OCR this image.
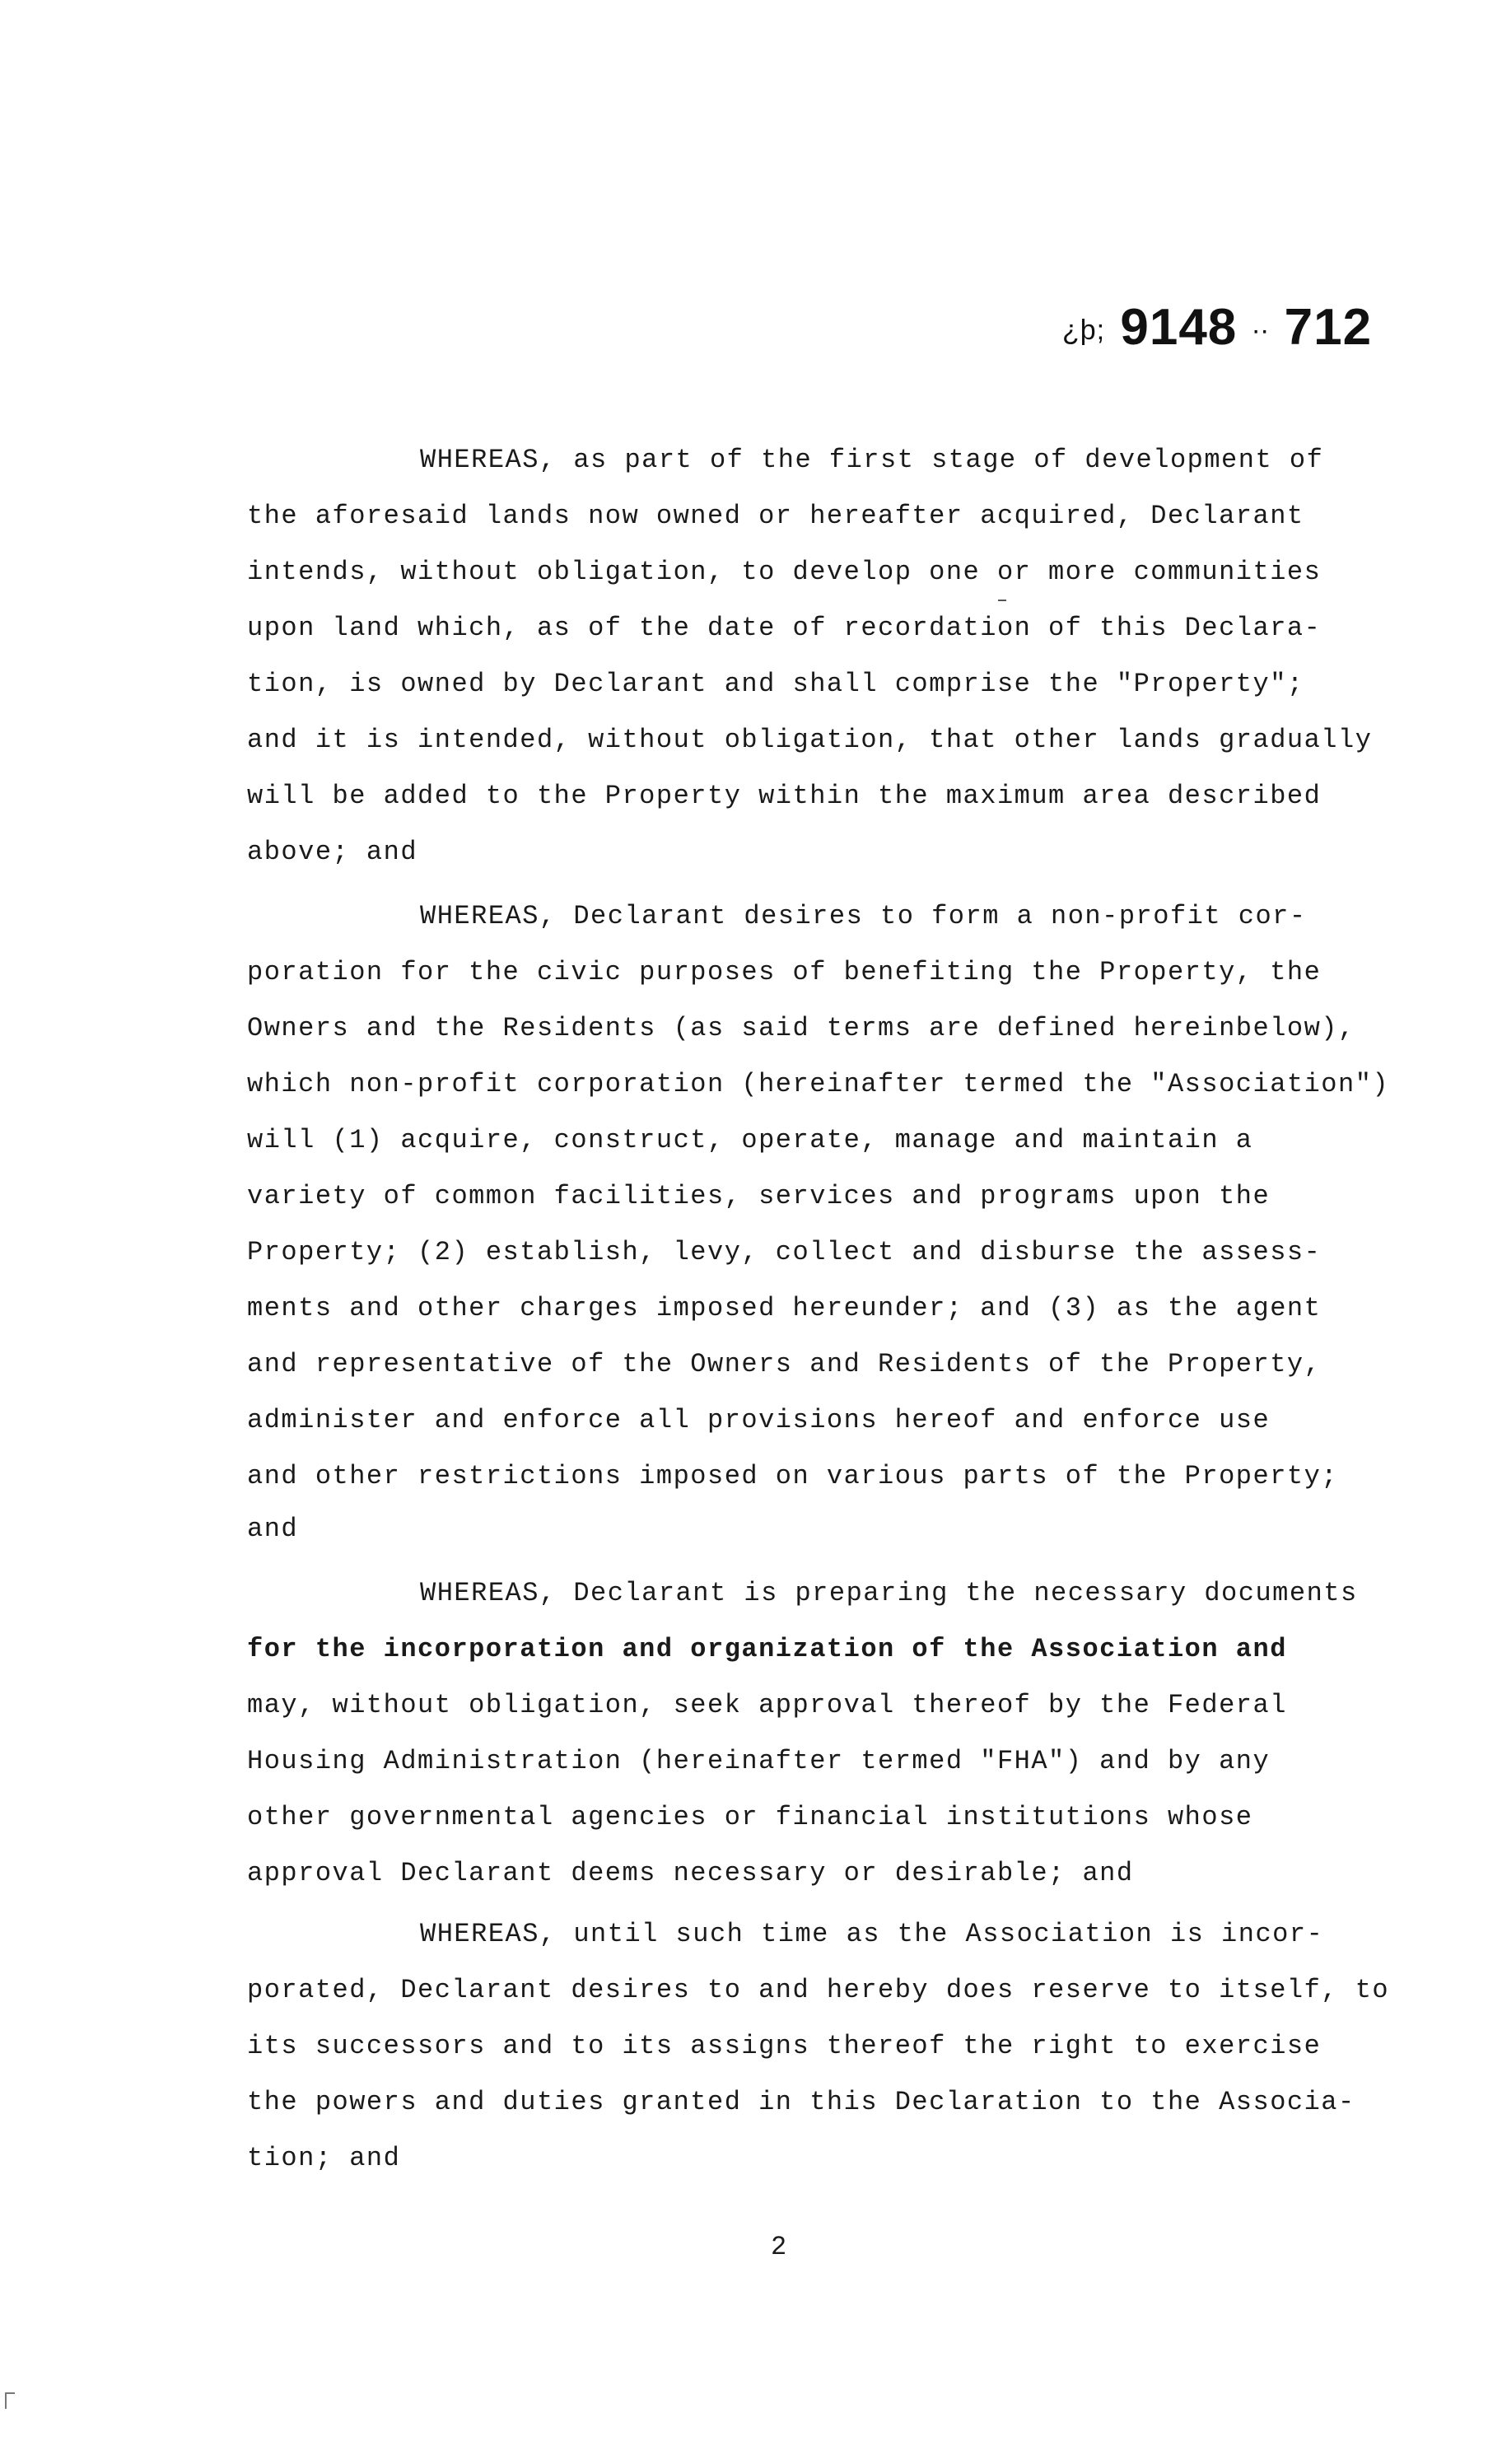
¿þ; 9148 ∙∙ 712
WHEREAS, as part of the first stage of development of
the aforesaid lands now owned or hereafter acquired, Declarant
intends, without obligation, to develop one or more communities
upon land which, as of the date of recordation of this Declara-
tion, is owned by Declarant and shall comprise the "Property";
and it is intended, without obligation, that other lands gradually
will be added to the Property within the maximum area described
above; and
WHEREAS, Declarant desires to form a non-profit cor-
poration for the civic purposes of benefiting the Property, the
Owners and the Residents (as said terms are defined hereinbelow),
which non-profit corporation (hereinafter termed the "Association")
will (1) acquire, construct, operate, manage and maintain a
variety of common facilities, services and programs upon the
Property; (2) establish, levy, collect and disburse the assess-
ments and other charges imposed hereunder; and (3) as the agent
and representative of the Owners and Residents of the Property,
administer and enforce all provisions hereof and enforce use
and other restrictions imposed on various parts of the Property;
and
WHEREAS, Declarant is preparing the necessary documents
for the incorporation and organization of the Association and
may, without obligation, seek approval thereof by the Federal
Housing Administration (hereinafter termed "FHA") and by any
other governmental agencies or financial institutions whose
approval Declarant deems necessary or desirable; and
WHEREAS, until such time as the Association is incor-
porated, Declarant desires to and hereby does reserve to itself, to
its successors and to its assigns thereof the right to exercise
the powers and duties granted in this Declaration to the Associa-
tion; and
2
